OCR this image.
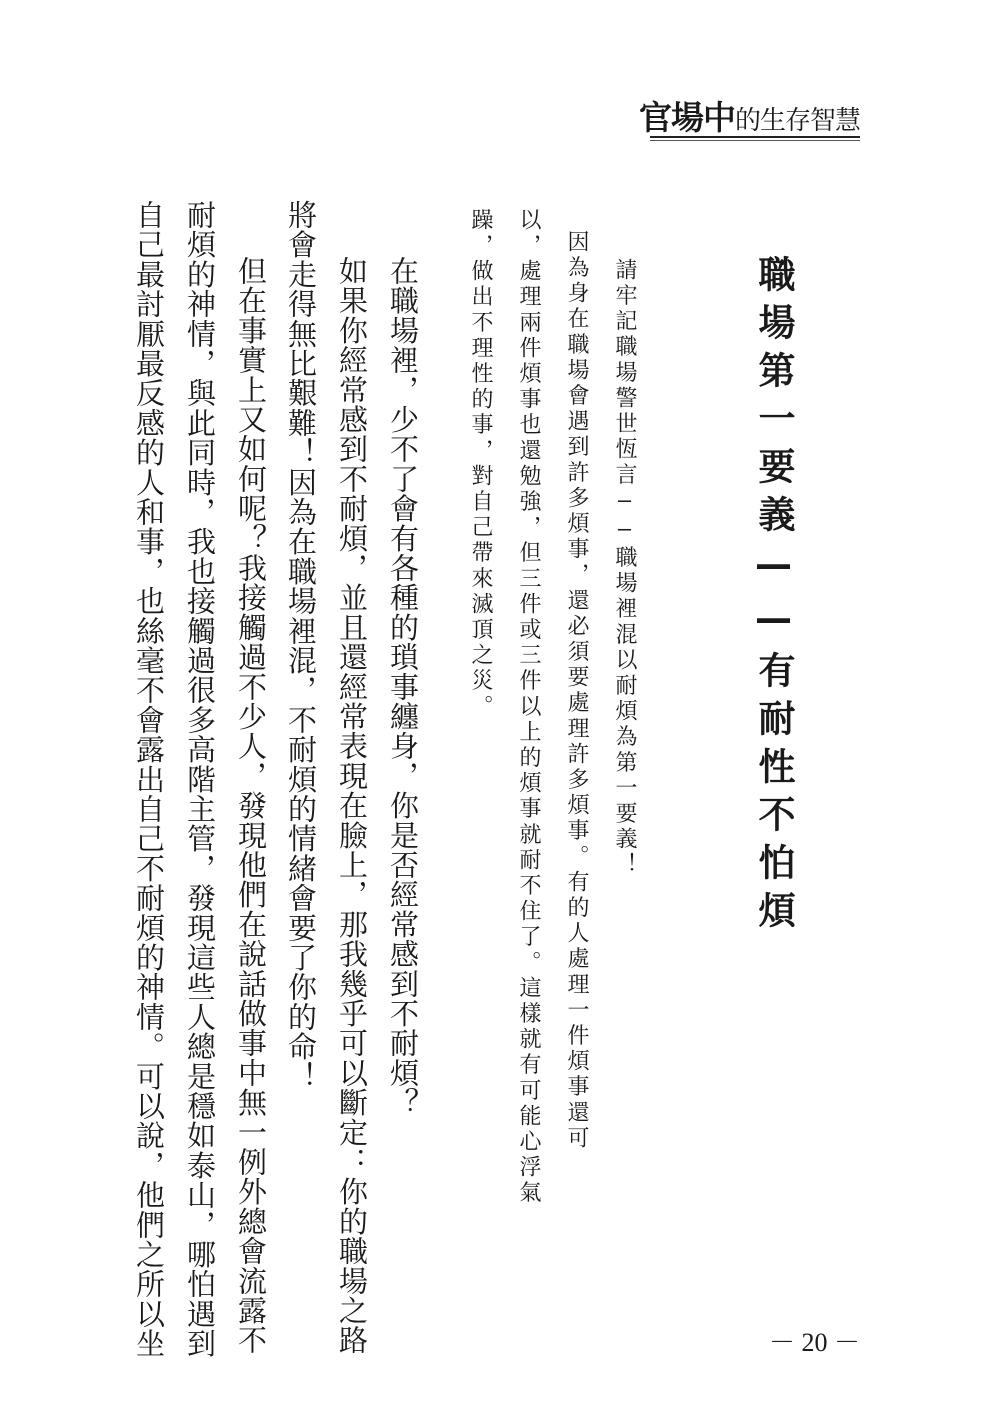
官場中的生存智慧
職場第一要義——有耐性不怕煩

請牢記職場警世恆言——職場裡混以耐煩為第一要義！

因為身在職場會遇到許多煩事，還必須要處理許多煩事。有的人處理一件煩事還可

以，處理兩件煩事也還勉強，但三件或三件以上的煩事就耐不住了。這樣就有可能心浮氣

躁，做出不理性的事，對自己帶來滅頂之災。

在職場裡，少不了會有各種的瑣事纏身，你是否經常感到不耐煩？

如果你經常感到不耐煩，並且還經常表現在臉上，那我幾乎可以斷定：你的職場之路

將會走得無比艱難！因為在職場裡混，不耐煩的情緒會要了你的命！

但在事實上又如何呢？我接觸過不少人，發現他們在說話做事中無一例外總會流露不

耐煩的神情，與此同時，我也接觸過很多高階主管，發現這些人總是穩如泰山，哪怕遇到

自己最討厭最反感的人和事，也絲毫不會露出自己不耐煩的神情。可以說，他們之所以坐	－ 20 －
